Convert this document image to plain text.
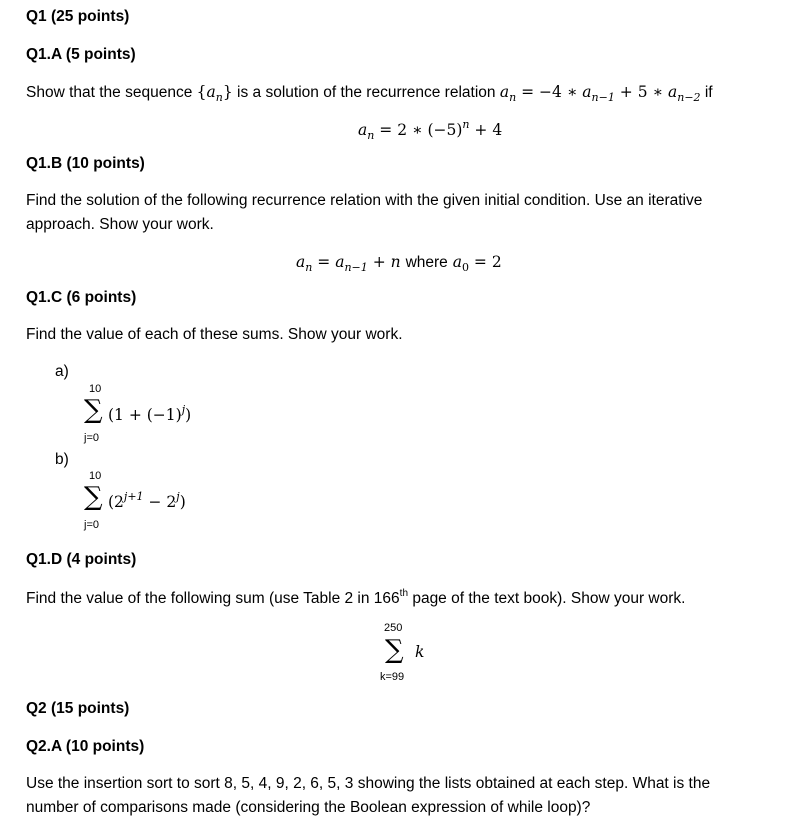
Q1 (25 points)
Q1.A (5 points)
Show that the sequence $\{a_n\}$ is a solution of the recurrence relation $a_n = -4$ ∗ $a_{n-1} + 5$ ∗ $a_{n-2}$ if
$a_n = 2$ ∗ $(-5)^n + 4$
Q1.B (10 points)
Find the solution of the following recurrence relation with the given initial condition. Use an iterative approach. Show your work.
$a_n = a_{n-1} + n$ where $a_0 = 2$
Q1.C (6 points)
Find the value of each of these sums. Show your work.
a)
10
∑
j=0
$(1 + (-1)^j)$
b)
10
∑
j=0
$(2^{j+1} - 2^j)$
Q1.D (4 points)
Find the value of the following sum (use Table 2 in 166th page of the text book). Show your work.
250
∑
k=99
k
Q2 (15 points)
Q2.A (10 points)
Use the insertion sort to sort 8, 5, 4, 9, 2, 6, 5, 3 showing the lists obtained at each step. What is the number of comparisons made (considering the Boolean expression of while loop)?
